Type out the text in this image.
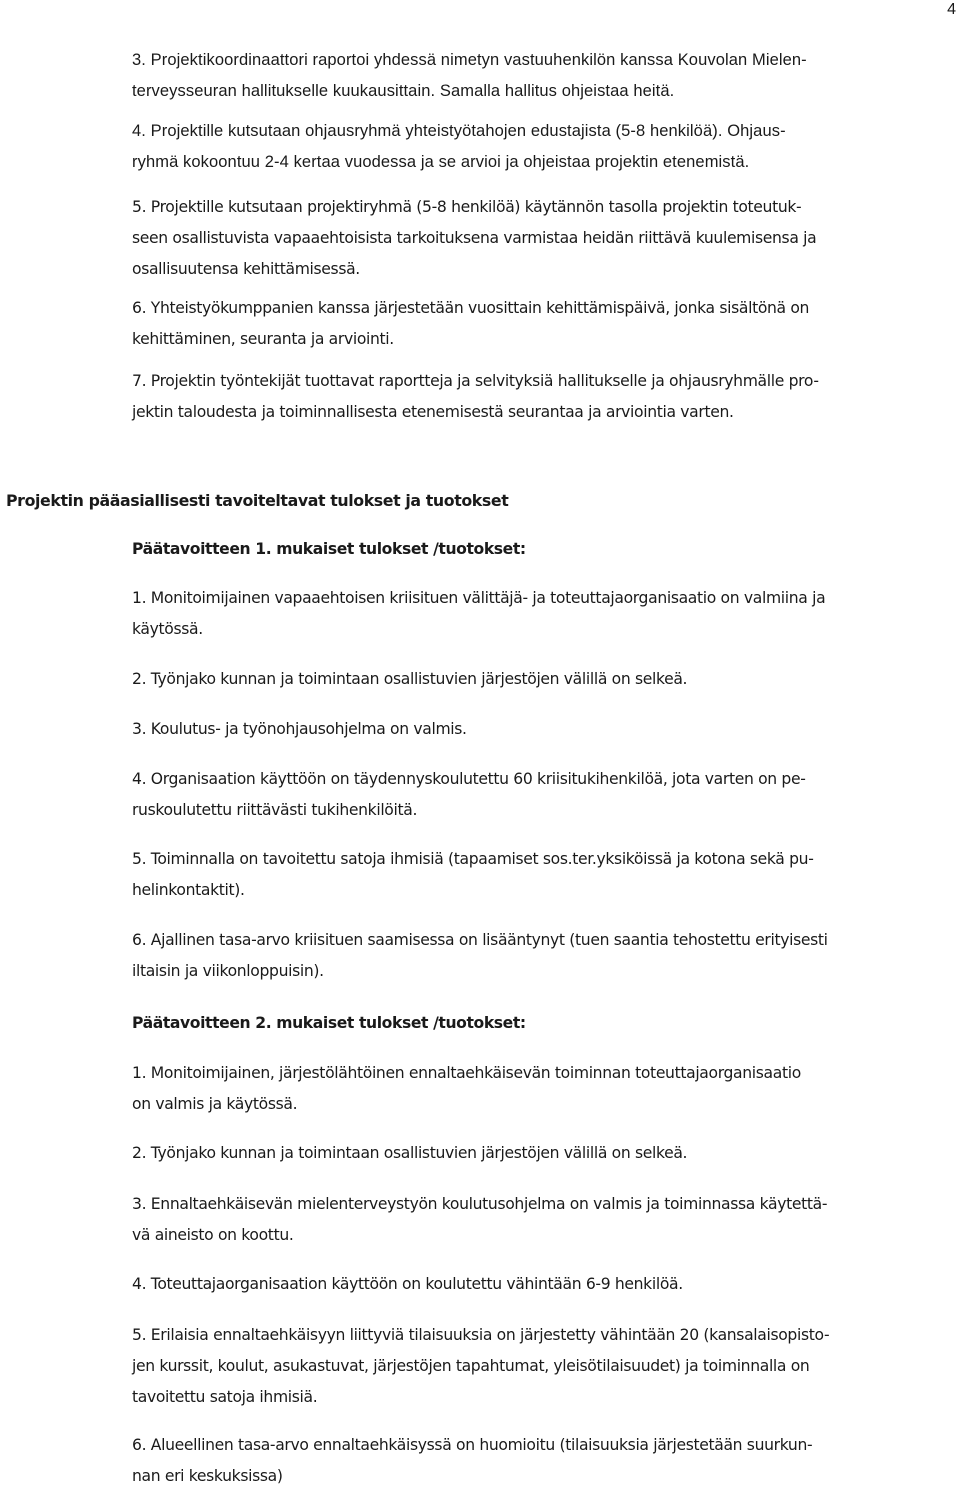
4
3. Projektikoordinaattori raportoi yhdessä nimetyn vastuuhenkilön kanssa Kouvolan Mielen-
terveysseuran hallitukselle kuukausittain. Samalla hallitus ohjeistaa heitä.
4. Projektille kutsutaan ohjausryhmä yhteistyötahojen edustajista (5-8 henkilöä). Ohjaus-
ryhmä kokoontuu 2-4 kertaa vuodessa ja se arvioi ja ohjeistaa projektin etenemistä.
5. Projektille kutsutaan projektiryhmä (5-8 henkilöä) käytännön tasolla projektin toteutuk-
seen osallistuvista vapaaehtoisista tarkoituksena varmistaa heidän riittävä kuulemisensa ja
osallisuutensa kehittämisessä.
6. Yhteistyökumppanien kanssa järjestetään vuosittain kehittämispäivä, jonka sisältönä on
kehittäminen, seuranta ja arviointi.
7. Projektin työntekijät tuottavat raportteja ja selvityksiä hallitukselle ja ohjausryhmälle pro-
jektin taloudesta ja toiminnallisesta etenemisestä seurantaa ja arviointia varten.
Projektin pääasiallisesti tavoiteltavat tulokset ja tuotokset
Päätavoitteen 1. mukaiset tulokset /tuotokset:
1. Monitoimijainen vapaaehtoisen kriisituen välittäjä- ja toteuttajaorganisaatio on valmiina ja
käytössä.
2. Työnjako kunnan ja toimintaan osallistuvien järjestöjen välillä on selkeä.
3. Koulutus- ja työnohjausohjelma on valmis.
4. Organisaation käyttöön on täydennyskoulutettu 60 kriisitukihenkilöä, jota varten on pe-
ruskoulutettu riittävästi tukihenkilöitä.
5. Toiminnalla on tavoitettu satoja ihmisiä (tapaamiset sos.ter.yksiköissä ja kotona sekä pu-
helinkontaktit).
6. Ajallinen tasa-arvo kriisituen saamisessa on lisääntynyt (tuen saantia tehostettu erityisesti
iltaisin ja viikonloppuisin).
Päätavoitteen 2. mukaiset tulokset /tuotokset:
1. Monitoimijainen, järjestölähtöinen ennaltaehkäisevän toiminnan toteuttajaorganisaatio
on valmis ja käytössä.
2. Työnjako kunnan ja toimintaan osallistuvien järjestöjen välillä on selkeä.
3. Ennaltaehkäisevän mielenterveystyön koulutusohjelma on valmis ja toiminnassa käytettä-
vä aineisto on koottu.
4. Toteuttajaorganisaation käyttöön on koulutettu vähintään 6-9 henkilöä.
5. Erilaisia ennaltaehkäisyyn liittyviä tilaisuuksia on järjestetty vähintään 20 (kansalaisopisto-
jen kurssit, koulut, asukastuvat, järjestöjen tapahtumat, yleisötilaisuudet) ja toiminnalla on
tavoitettu satoja ihmisiä.
6. Alueellinen tasa-arvo ennaltaehkäisyssä on huomioitu (tilaisuuksia järjestetään suurkun-
nan eri keskuksissa)
